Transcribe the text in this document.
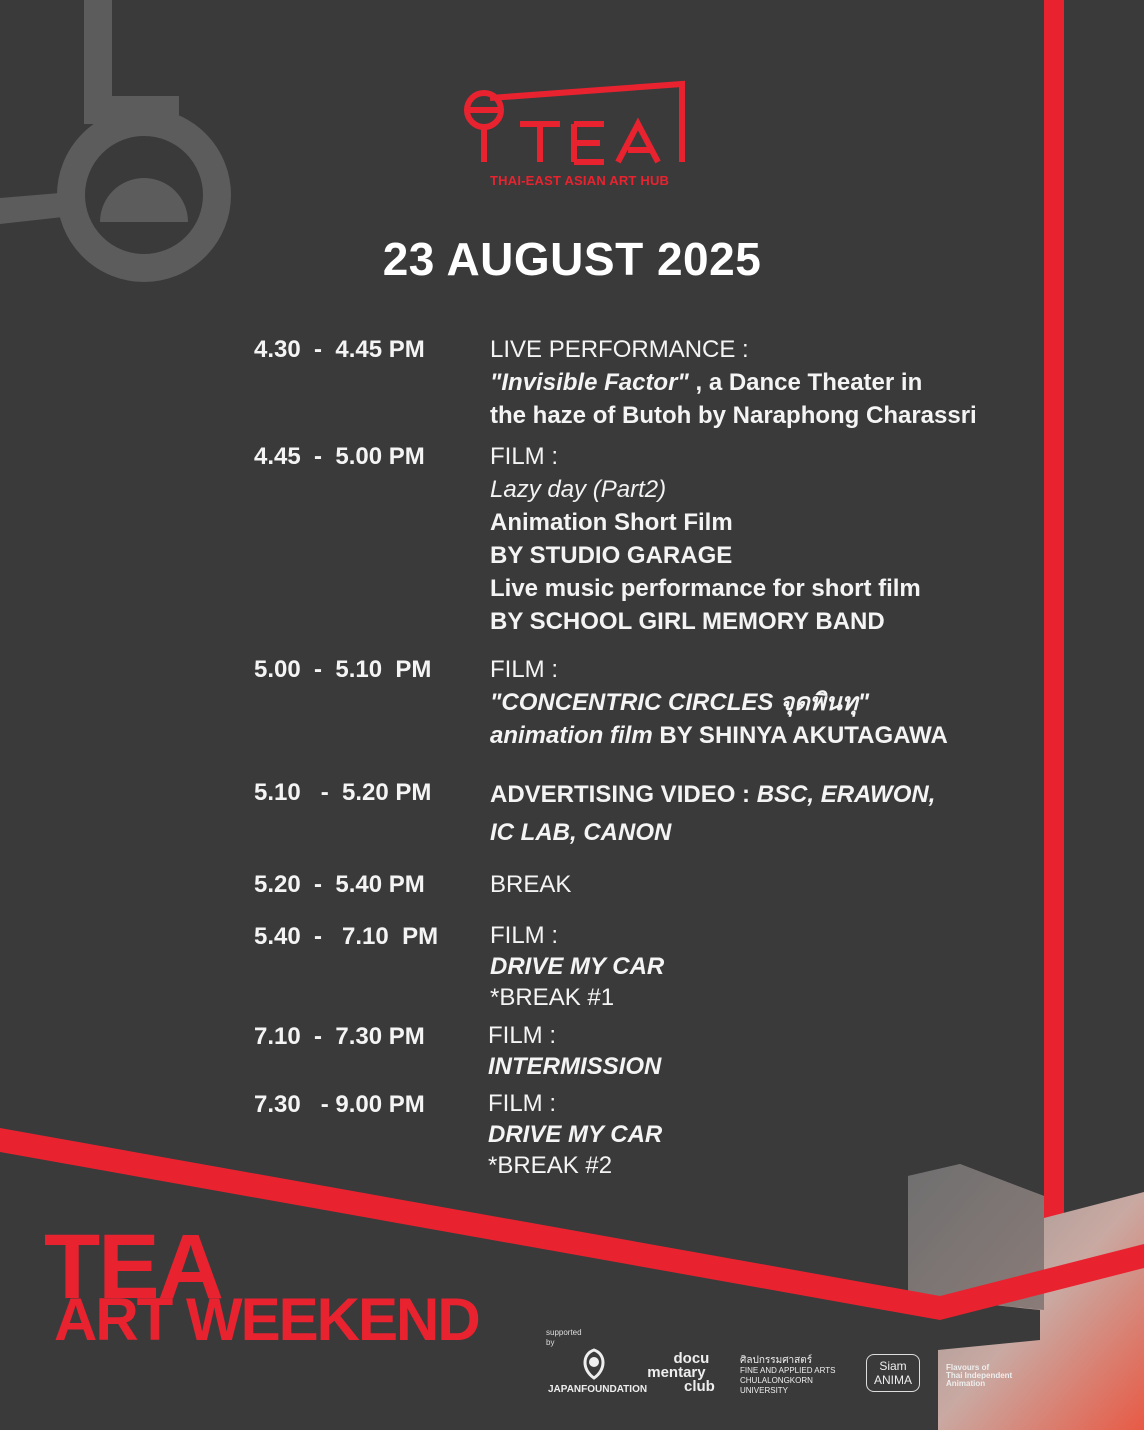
THAI-EAST ASIAN ART HUB
23 AUGUST 2025
4.30  -  4.45 PM	LIVE PERFORMANCE :
"Invisible Factor" , a Dance Theater in
the haze of Butoh by Naraphong Charassri
4.45  -  5.00 PM	FILM :
Lazy day (Part2)
Animation Short Film
BY STUDIO GARAGE
Live music performance for short film
BY SCHOOL GIRL MEMORY BAND
5.00  -  5.10  PM FILM :
"CONCENTRIC CIRCLES จุดพินทุ"
animation film BY SHINYA AKUTAGAWA
5.10   -  5.20 PM ADVERTISING VIDEO : BSC, ERAWON,
IC LAB, CANON
5.20  -  5.40 PM	BREAK
5.40  -   7.10  PM FILM :
DRIVE MY CAR
*BREAK #1
7.10  -  7.30 PM	FILM :
INTERMISSION
7.30   - 9.00 PM	FILM :
DRIVE MY CAR
*BREAK #2
TEA
ART WEEKEND	supported by
JAPANFOUNDATION
docu
mentary
club
ศิลปกรรมศาสตร์
FINE AND APPLIED ARTS
CHULALONGKORN UNIVERSITY
Siam
ANIMA
Flavours of
Thai Independent
Animation
